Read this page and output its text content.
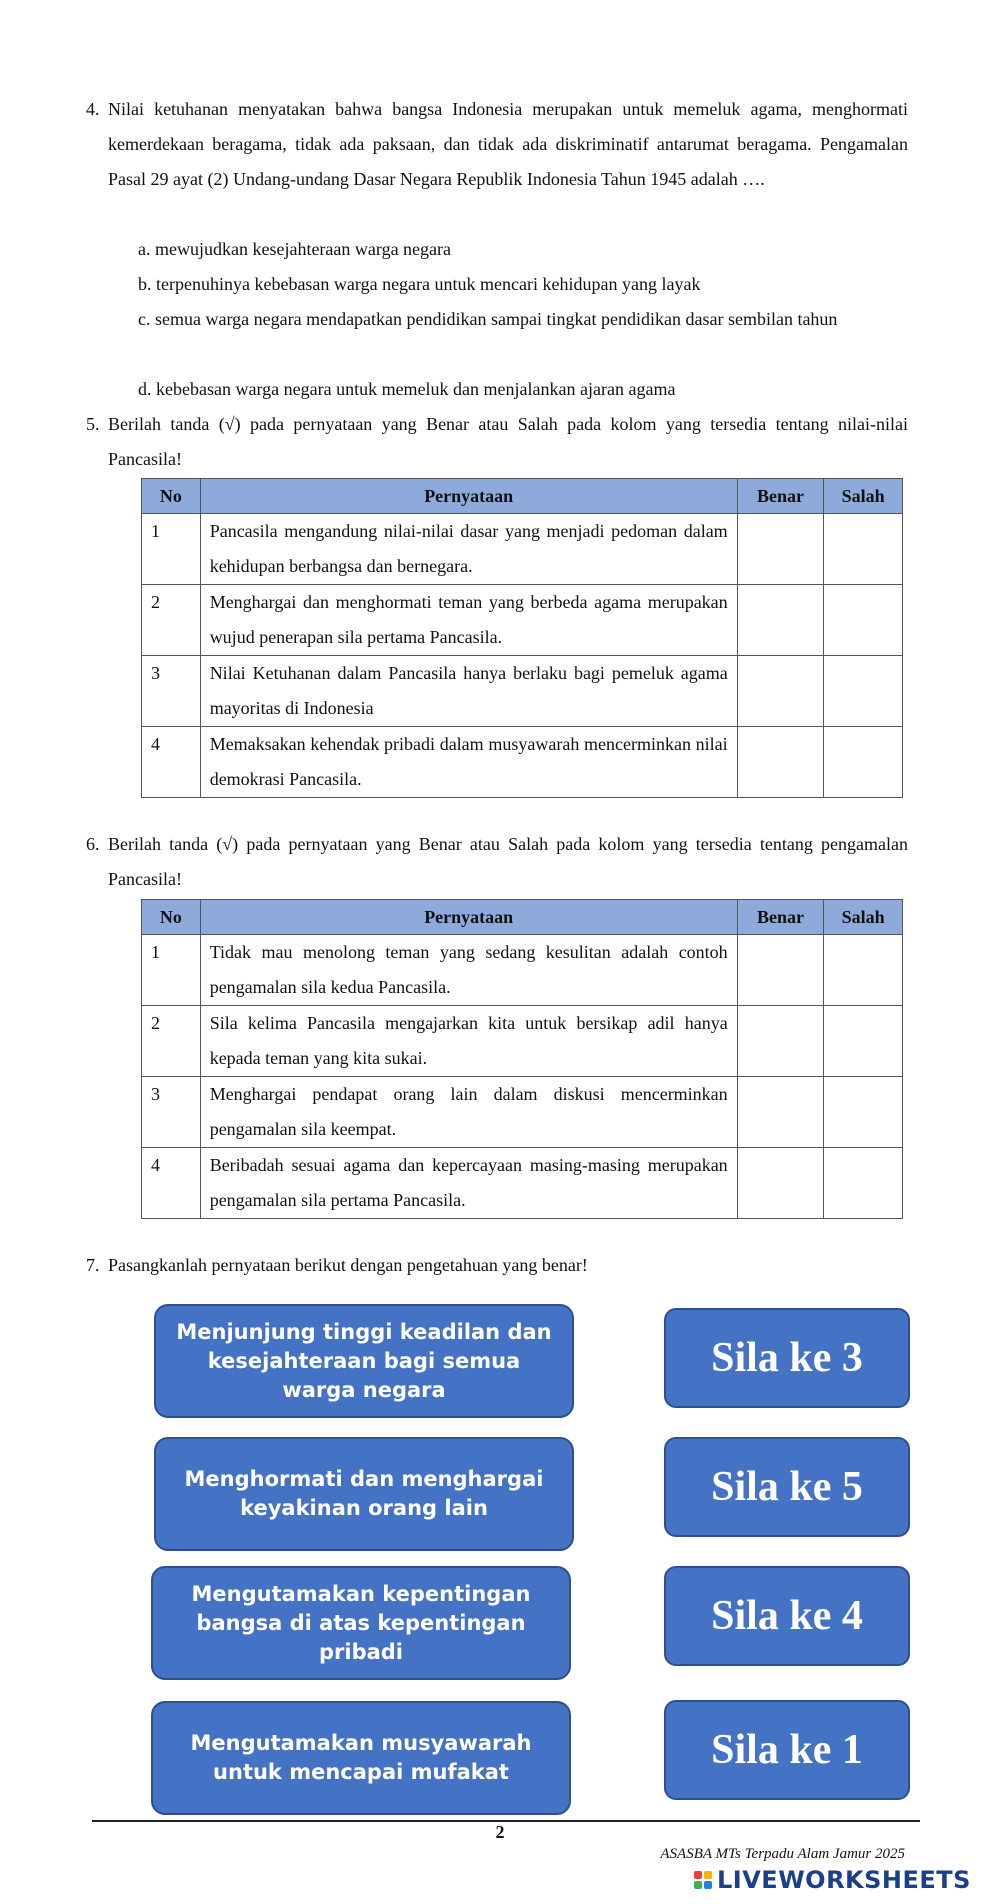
4. Nilai ketuhanan menyatakan bahwa bangsa Indonesia merupakan untuk memeluk agama, menghormati kemerdekaan beragama, tidak ada paksaan, dan tidak ada diskriminatif antarumat beragama. Pengamalan Pasal 29 ayat (2) Undang-undang Dasar Negara Republik Indonesia Tahun 1945 adalah ….
a. mewujudkan kesejahteraan warga negara
b. terpenuhinya kebebasan warga negara untuk mencari kehidupan yang layak
c. semua warga negara mendapatkan pendidikan sampai tingkat pendidikan dasar sembilan tahun
d. kebebasan warga negara untuk memeluk dan menjalankan ajaran agama
5. Berilah tanda (√) pada pernyataan yang Benar atau Salah pada kolom yang tersedia tentang nilai-nilai Pancasila!
No	Pernyataan	Benar	Salah
1	Pancasila mengandung nilai-nilai dasar yang menjadi pedoman dalam kehidupan berbangsa dan bernegara.		
2	Menghargai dan menghormati teman yang berbeda agama merupakan wujud penerapan sila pertama Pancasila.		
3	Nilai Ketuhanan dalam Pancasila hanya berlaku bagi pemeluk agama mayoritas di Indonesia		
4	Memaksakan kehendak pribadi dalam musyawarah mencerminkan nilai demokrasi Pancasila.		
6. Berilah tanda (√) pada pernyataan yang Benar atau Salah pada kolom yang tersedia tentang pengamalan Pancasila!
No	Pernyataan	Benar	Salah
1	Tidak mau menolong teman yang sedang kesulitan adalah contoh pengamalan sila kedua Pancasila.		
2	Sila kelima Pancasila mengajarkan kita untuk bersikap adil hanya kepada teman yang kita sukai.		
3	Menghargai pendapat orang lain dalam diskusi mencerminkan pengamalan sila keempat.		
4	Beribadah sesuai agama dan kepercayaan masing-masing merupakan pengamalan sila pertama Pancasila.		
7. Pasangkanlah pernyataan berikut dengan pengetahuan yang benar!
Menjunjung tinggi keadilan dan kesejahteraan bagi semua warga negara
Menghormati dan menghargai keyakinan orang lain
Mengutamakan kepentingan bangsa di atas kepentingan pribadi
Mengutamakan musyawarah untuk mencapai mufakat
Sila ke 3
Sila ke 5
Sila ke 4
Sila ke 1
2
ASASBA MTs Terpadu Alam Jamur 2025
LIVEWORKSHEETS
